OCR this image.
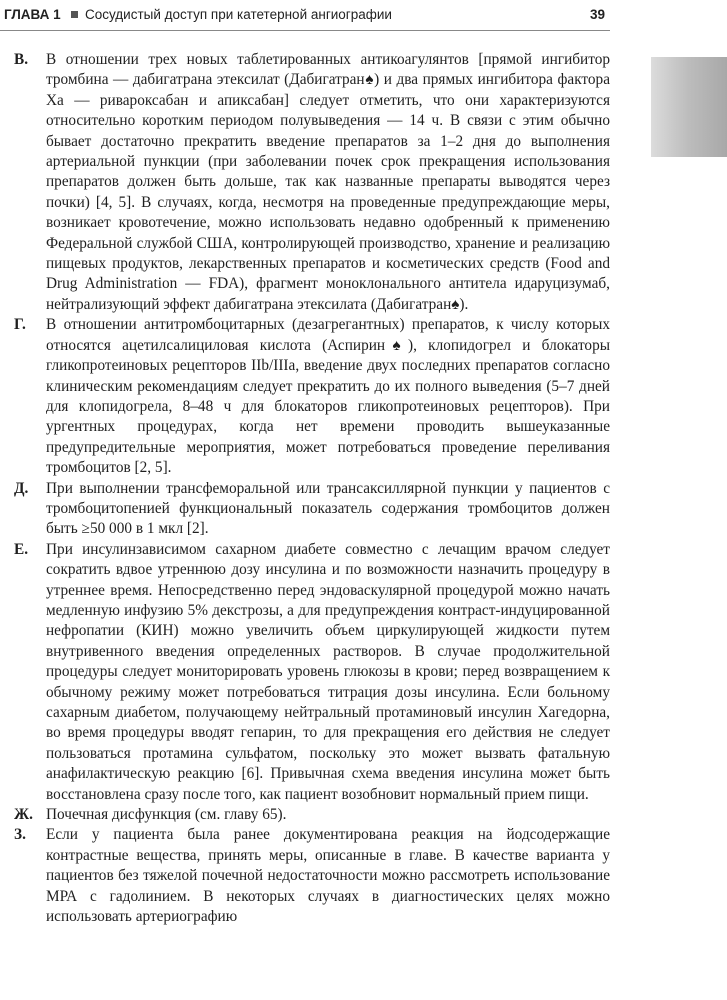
ГЛАВА 1 Сосудистый доступ при катетерной ангиографии	39
В. В отношении трех новых таблетированных антикоагулянтов [прямой ингибитор тромбина — дабигатрана этексилат (Дабигатран♠) и два прямых ингибитора фактора Ха — ривароксабан и апиксабан] следует отметить, что они характеризуются относительно коротким периодом полувыведения — 14 ч. В связи с этим обычно бывает достаточно прекратить введение препаратов за 1–2 дня до выполнения артериальной пункции (при заболевании почек срок прекращения использования препаратов должен быть дольше, так как названные препараты выводятся через почки) [4, 5]. В случаях, когда, несмотря на проведенные предупреждающие меры, возникает кровотечение, можно использовать недавно одобренный к применению Федеральной службой США, контролирующей производство, хранение и реализацию пищевых продуктов, лекарственных препаратов и косметических средств (Food and Drug Administration — FDA), фрагмент моноклонального антитела идаруцизумаб, нейтрализующий эффект дабигатрана этексилата (Дабигатран♠).
Г. В отношении антитромбоцитарных (дезагрегантных) препаратов, к числу которых относятся ацетилсалициловая кислота (Аспирин♠), клопидогрел и блокаторы гликопротеиновых рецепторов IIb/IIIa, введение двух последних препаратов согласно клиническим рекомендациям следует прекратить до их полного выведения (5–7 дней для клопидогрела, 8–48 ч для блокаторов гликопротеиновых рецепторов). При ургентных процедурах, когда нет времени проводить вышеуказанные предупредительные мероприятия, может потребоваться проведение переливания тромбоцитов [2, 5].
Д. При выполнении трансфеморальной или трансаксиллярной пункции у пациентов с тромбоцитопенией функциональный показатель содержания тромбоцитов должен быть ≥50 000 в 1 мкл [2].
Е. При инсулинзависимом сахарном диабете совместно с лечащим врачом следует сократить вдвое утреннюю дозу инсулина и по возможности назначить процедуру в утреннее время. Непосредственно перед эндоваскулярной процедурой можно начать медленную инфузию 5% декстрозы, а для предупреждения контраст-индуцированной нефропатии (КИН) можно увеличить объем циркулирующей жидкости путем внутривенного введения определенных растворов. В случае продолжительной процедуры следует мониторировать уровень глюкозы в крови; перед возвращением к обычному режиму может потребоваться титрация дозы инсулина. Если больному сахарным диабетом, получающему нейтральный протаминовый инсулин Хагедорна, во время процедуры вводят гепарин, то для прекращения его действия не следует пользоваться протамина сульфатом, поскольку это может вызвать фатальную анафилактическую реакцию [6]. Привычная схема введения инсулина может быть восстановлена сразу после того, как пациент возобновит нормальный прием пищи.
Ж. Почечная дисфункция (см. главу 65).
З. Если у пациента была ранее документирована реакция на йодсодержащие контрастные вещества, принять меры, описанные в главе. В качестве варианта у пациентов без тяжелой почечной недостаточности можно рассмотреть использование МРА с гадолинием. В некоторых случаях в диагностических целях можно использовать артериографию
